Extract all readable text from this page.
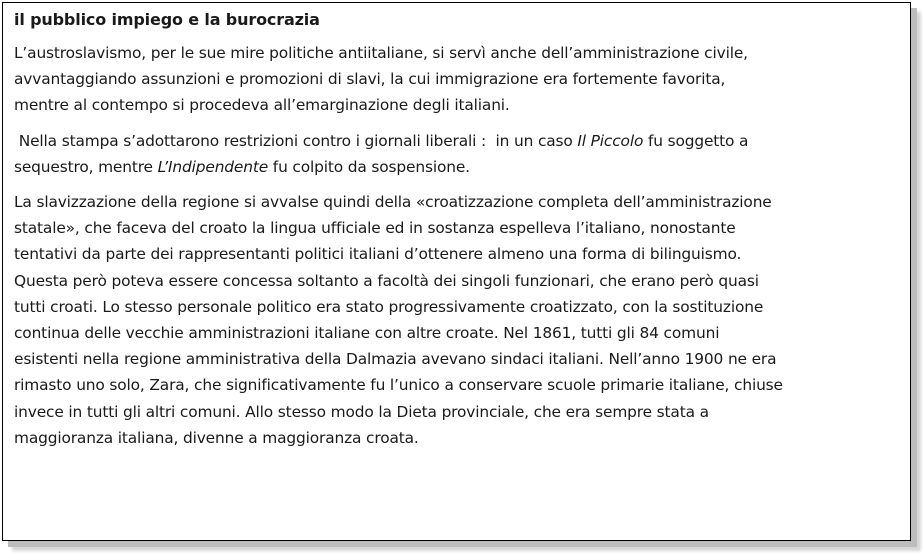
il pubblico impiego e la burocrazia

L’austroslavismo, per le sue mire politiche antiitaliane, si servì anche dell’amministrazione civile,
avvantaggiando assunzioni e promozioni di slavi, la cui immigrazione era fortemente favorita,
mentre al contempo si procedeva all’emarginazione degli italiani.

Nella stampa s’adottarono restrizioni contro i giornali liberali :  in un caso Il Piccolo fu soggetto a
sequestro, mentre L’Indipendente fu colpito da sospensione.

La slavizzazione della regione si avvalse quindi della «croatizzazione completa dell’amministrazione
statale», che faceva del croato la lingua ufficiale ed in sostanza espelleva l’italiano, nonostante
tentativi da parte dei rappresentanti politici italiani d’ottenere almeno una forma di bilinguismo.
Questa però poteva essere concessa soltanto a facoltà dei singoli funzionari, che erano però quasi
tutti croati. Lo stesso personale politico era stato progressivamente croatizzato, con la sostituzione
continua delle vecchie amministrazioni italiane con altre croate. Nel 1861, tutti gli 84 comuni
esistenti nella regione amministrativa della Dalmazia avevano sindaci italiani. Nell’anno 1900 ne era
rimasto uno solo, Zara, che significativamente fu l’unico a conservare scuole primarie italiane, chiuse
invece in tutti gli altri comuni. Allo stesso modo la Dieta provinciale, che era sempre stata a
maggioranza italiana, divenne a maggioranza croata.
